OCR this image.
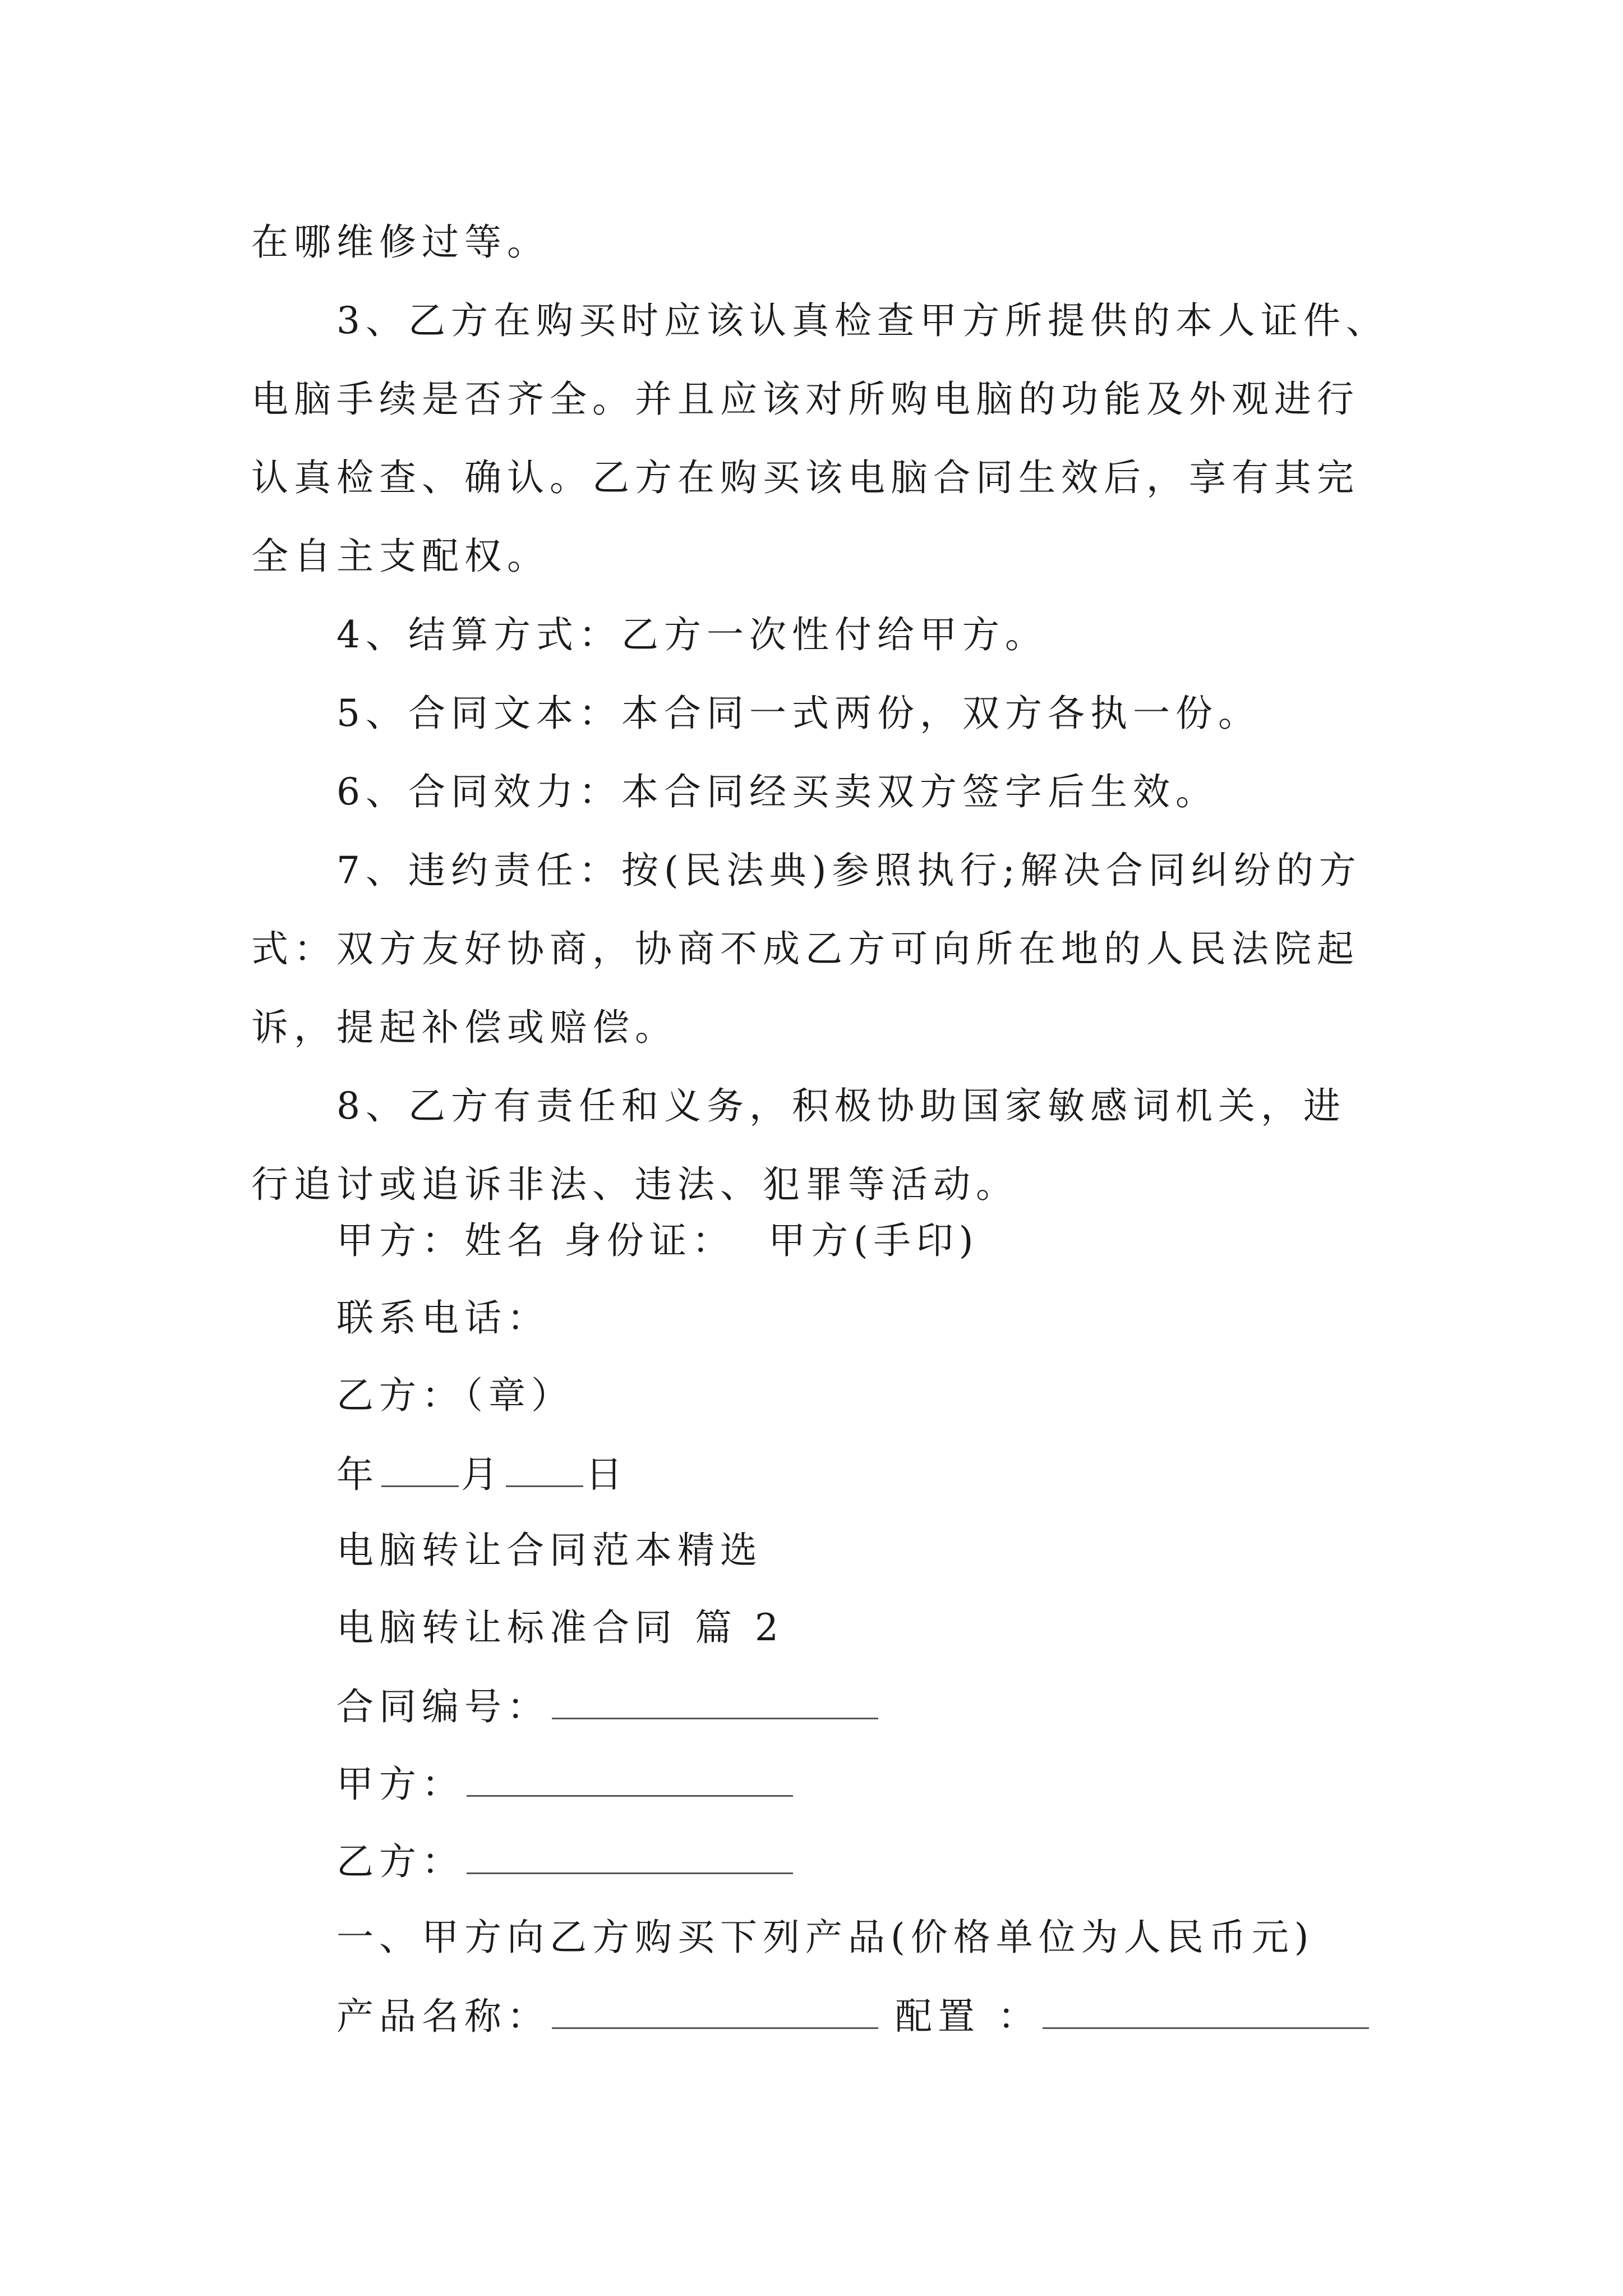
在哪维修过等。
3、乙方在购买时应该认真检查甲方所提供的本人证件、
电脑手续是否齐全。并且应该对所购电脑的功能及外观进行
认真检查、确认。乙方在购买该电脑合同生效后，享有其完
全自主支配权。
4、结算方式：乙方一次性付给甲方。
5、合同文本：本合同一式两份，双方各执一份。
6、合同效力：本合同经买卖双方签字后生效。
7、违约责任：按(民法典)参照执行;解决合同纠纷的方
式：双方友好协商，协商不成乙方可向所在地的人民法院起
诉，提起补偿或赔偿。
8、乙方有责任和义务，积极协助国家敏感词机关，进
行追讨或追诉非法、违法、犯罪等活动。
甲方：姓名 身份证： 甲方(手印)
联系电话：
乙方：（章）
年 月 日
电脑转让合同范本精选
电脑转让标准合同 篇 2
合同编号：
甲方：
乙方：
一、甲方向乙方购买下列产品(价格单位为人民币元)
产品名称：	配置 ：
